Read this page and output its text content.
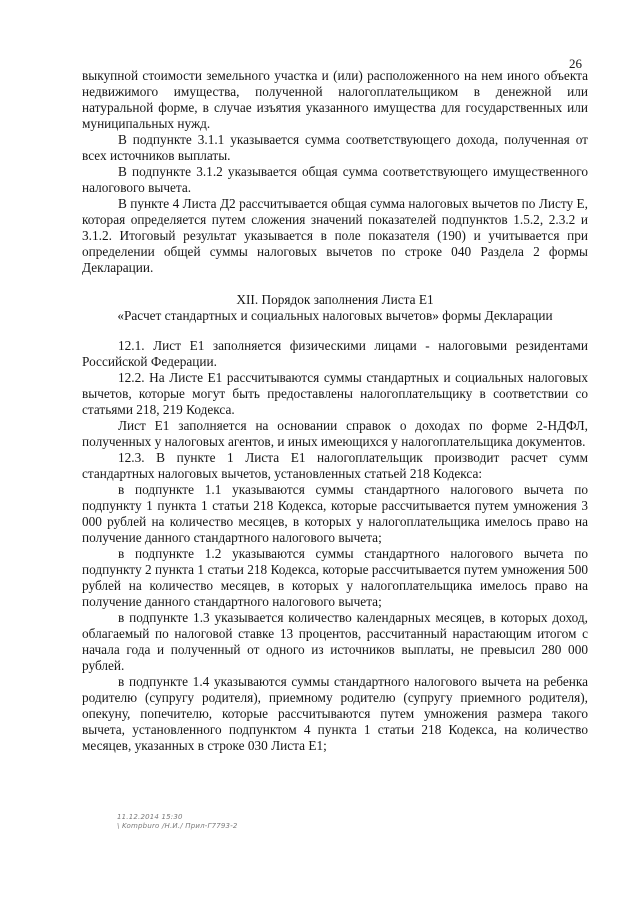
26

выкупной стоимости земельного участка и (или) расположенного на нем иного объекта недвижимого имущества, полученной налогоплательщиком в денежной или натуральной форме, в случае изъятия указанного имущества для государственных или муниципальных нужд.

В подпункте 3.1.1 указывается сумма соответствующего дохода, полученная от всех источников выплаты.

В подпункте 3.1.2 указывается общая сумма соответствующего имущественного налогового вычета.

В пункте 4 Листа Д2 рассчитывается общая сумма налоговых вычетов по Листу Е, которая определяется путем сложения значений показателей подпунктов 1.5.2, 2.3.2 и 3.1.2. Итоговый результат указывается в поле показателя (190) и учитывается при определении общей суммы налоговых вычетов по строке 040 Раздела 2 формы Декларации.

XII. Порядок заполнения Листа Е1
«Расчет стандартных и социальных налоговых вычетов» формы Декларации

12.1. Лист Е1 заполняется физическими лицами - налоговыми резидентами Российской Федерации.

12.2. На Листе Е1 рассчитываются суммы стандартных и социальных налоговых вычетов, которые могут быть предоставлены налогоплательщику в соответствии со статьями 218, 219 Кодекса.

Лист Е1 заполняется на основании справок о доходах по форме 2-НДФЛ, полученных у налоговых агентов, и иных имеющихся у налогоплательщика документов.

12.3. В пункте 1 Листа Е1 налогоплательщик производит расчет сумм стандартных налоговых вычетов, установленных статьей 218 Кодекса:

в подпункте 1.1 указываются суммы стандартного налогового вычета по подпункту 1 пункта 1 статьи 218 Кодекса, которые рассчитывается путем умножения 3 000 рублей на количество месяцев, в которых у налогоплательщика имелось право на получение данного стандартного налогового вычета;

в подпункте 1.2 указываются суммы стандартного налогового вычета по подпункту 2 пункта 1 статьи 218 Кодекса, которые рассчитывается путем умножения 500 рублей на количество месяцев, в которых у налогоплательщика имелось право на получение данного стандартного налогового вычета;

в подпункте 1.3 указывается количество календарных месяцев, в которых доход, облагаемый по налоговой ставке 13 процентов, рассчитанный нарастающим итогом с начала года и полученный от одного из источников выплаты, не превысил 280 000 рублей.

в подпункте 1.4 указываются суммы стандартного налогового вычета на ребенка родителю (супругу родителя), приемному родителю (супругу приемного родителя), опекуну, попечителю, которые рассчитываются путем умножения размера такого вычета, установленного подпунктом 4 пункта 1 статьи 218 Кодекса, на количество месяцев, указанных в строке 030 Листа Е1;

11.12.2014 15:30
\ Kompburo /H.И./ Прил-Г7793-2
